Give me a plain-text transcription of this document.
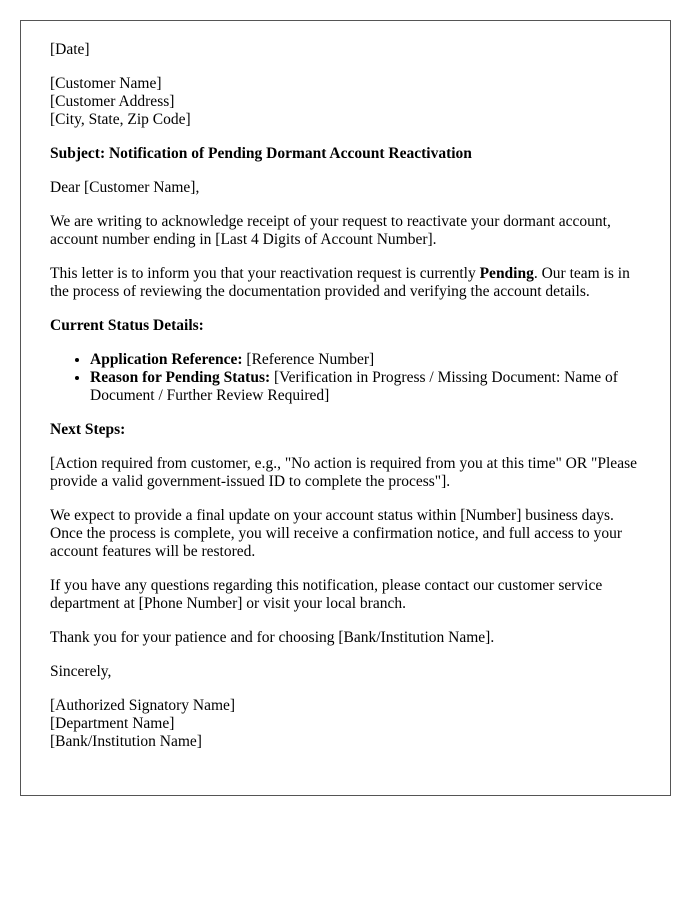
[Date]

[Customer Name]
[Customer Address]
[City, State, Zip Code]

Subject: Notification of Pending Dormant Account Reactivation

Dear [Customer Name],

We are writing to acknowledge receipt of your request to reactivate your dormant account, account number ending in [Last 4 Digits of Account Number].

This letter is to inform you that your reactivation request is currently Pending. Our team is in the process of reviewing the documentation provided and verifying the account details.

Current Status Details:

• Application Reference: [Reference Number]
• Reason for Pending Status: [Verification in Progress / Missing Document: Name of Document / Further Review Required]

Next Steps:

[Action required from customer, e.g., "No action is required from you at this time" OR "Please provide a valid government-issued ID to complete the process"].

We expect to provide a final update on your account status within [Number] business days. Once the process is complete, you will receive a confirmation notice, and full access to your account features will be restored.

If you have any questions regarding this notification, please contact our customer service department at [Phone Number] or visit your local branch.

Thank you for your patience and for choosing [Bank/Institution Name].

Sincerely,

[Authorized Signatory Name]
[Department Name]
[Bank/Institution Name]
